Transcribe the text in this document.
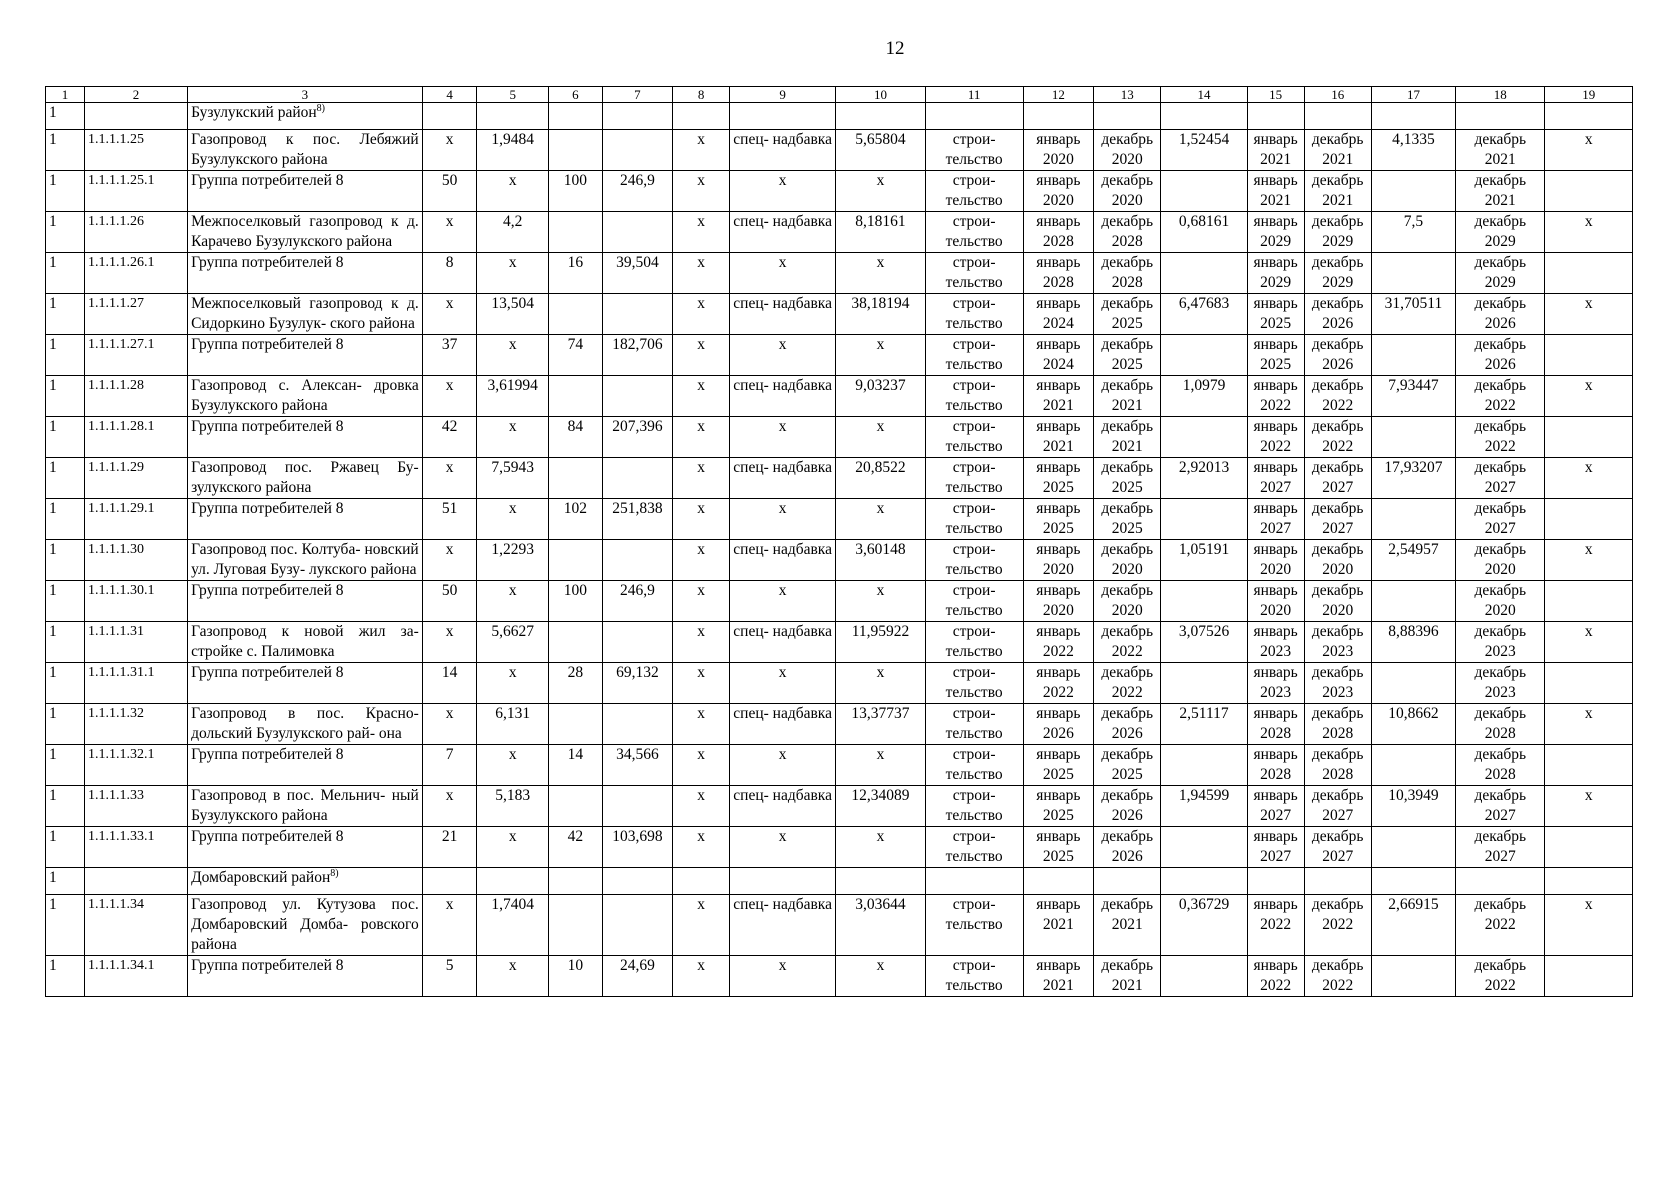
12
1	2	3	4	5	6	7	8	9	10	11	12	13	14	15	16	17	18	19
1		Бузулукский район$^{8)}$																
1	1.1.1.1.25	Газопровод к пос. Лебяжий Бузулукского района	х	1,9484			х	спец- надбавка	5,65804	строи- тельство	январь 2020	декабрь 2020	1,52454	январь 2021	декабрь 2021	4,1335	декабрь 2021	х
1	1.1.1.1.25.1	Группа потребителей 8	50	х	100	246,9	х	х	х	строи- тельство	январь 2020	декабрь 2020		январь 2021	декабрь 2021		декабрь 2021	
1	1.1.1.1.26	Межпоселковый газопровод к д. Карачево Бузулукского района	х	4,2			х	спец- надбавка	8,18161	строи- тельство	январь 2028	декабрь 2028	0,68161	январь 2029	декабрь 2029	7,5	декабрь 2029	х
1	1.1.1.1.26.1	Группа потребителей 8	8	х	16	39,504	х	х	х	строи- тельство	январь 2028	декабрь 2028		январь 2029	декабрь 2029		декабрь 2029	
1	1.1.1.1.27	Межпоселковый газопровод к д. Сидоркино Бузулук- ского района	х	13,504			х	спец- надбавка	38,18194	строи- тельство	январь 2024	декабрь 2025	6,47683	январь 2025	декабрь 2026	31,70511	декабрь 2026	х
1	1.1.1.1.27.1	Группа потребителей 8	37	х	74	182,706	х	х	х	строи- тельство	январь 2024	декабрь 2025		январь 2025	декабрь 2026		декабрь 2026	
1	1.1.1.1.28	Газопровод с. Алексан- дровка Бузулукского района	х	3,61994			х	спец- надбавка	9,03237	строи- тельство	январь 2021	декабрь 2021	1,0979	январь 2022	декабрь 2022	7,93447	декабрь 2022	х
1	1.1.1.1.28.1	Группа потребителей 8	42	х	84	207,396	х	х	х	строи- тельство	январь 2021	декабрь 2021		январь 2022	декабрь 2022		декабрь 2022	
1	1.1.1.1.29	Газопровод пос. Ржавец Бу- зулукского района	х	7,5943			х	спец- надбавка	20,8522	строи- тельство	январь 2025	декабрь 2025	2,92013	январь 2027	декабрь 2027	17,93207	декабрь 2027	х
1	1.1.1.1.29.1	Группа потребителей 8	51	х	102	251,838	х	х	х	строи- тельство	январь 2025	декабрь 2025		январь 2027	декабрь 2027		декабрь 2027	
1	1.1.1.1.30	Газопровод пос. Колтуба- новский ул. Луговая Бузу- лукского района	х	1,2293			х	спец- надбавка	3,60148	строи- тельство	январь 2020	декабрь 2020	1,05191	январь 2020	декабрь 2020	2,54957	декабрь 2020	х
1	1.1.1.1.30.1	Группа потребителей 8	50	х	100	246,9	х	х	х	строи- тельство	январь 2020	декабрь 2020		январь 2020	декабрь 2020		декабрь 2020	
1	1.1.1.1.31	Газопровод к новой жил за- стройке с. Палимовка	х	5,6627			х	спец- надбавка	11,95922	строи- тельство	январь 2022	декабрь 2022	3,07526	январь 2023	декабрь 2023	8,88396	декабрь 2023	х
1	1.1.1.1.31.1	Группа потребителей 8	14	х	28	69,132	х	х	х	строи- тельство	январь 2022	декабрь 2022		январь 2023	декабрь 2023		декабрь 2023	
1	1.1.1.1.32	Газопровод в пос. Красно- дольский Бузулукского рай- она	х	6,131			х	спец- надбавка	13,37737	строи- тельство	январь 2026	декабрь 2026	2,51117	январь 2028	декабрь 2028	10,8662	декабрь 2028	х
1	1.1.1.1.32.1	Группа потребителей 8	7	х	14	34,566	х	х	х	строи- тельство	январь 2025	декабрь 2025		январь 2028	декабрь 2028		декабрь 2028	
1	1.1.1.1.33	Газопровод в пос. Мельнич- ный Бузулукского района	х	5,183			х	спец- надбавка	12,34089	строи- тельство	январь 2025	декабрь 2026	1,94599	январь 2027	декабрь 2027	10,3949	декабрь 2027	х
1	1.1.1.1.33.1	Группа потребителей 8	21	х	42	103,698	х	х	х	строи- тельство	январь 2025	декабрь 2026		январь 2027	декабрь 2027		декабрь 2027	
1		Домбаровский район$^{8)}$																
1	1.1.1.1.34	Газопровод ул. Кутузова пос. Домбаровский Домба- ровского района	х	1,7404			х	спец- надбавка	3,03644	строи- тельство	январь 2021	декабрь 2021	0,36729	январь 2022	декабрь 2022	2,66915	декабрь 2022	х
1	1.1.1.1.34.1	Группа потребителей 8	5	х	10	24,69	х	х	х	строи- тельство	январь 2021	декабрь 2021		январь 2022	декабрь 2022		декабрь 2022	
